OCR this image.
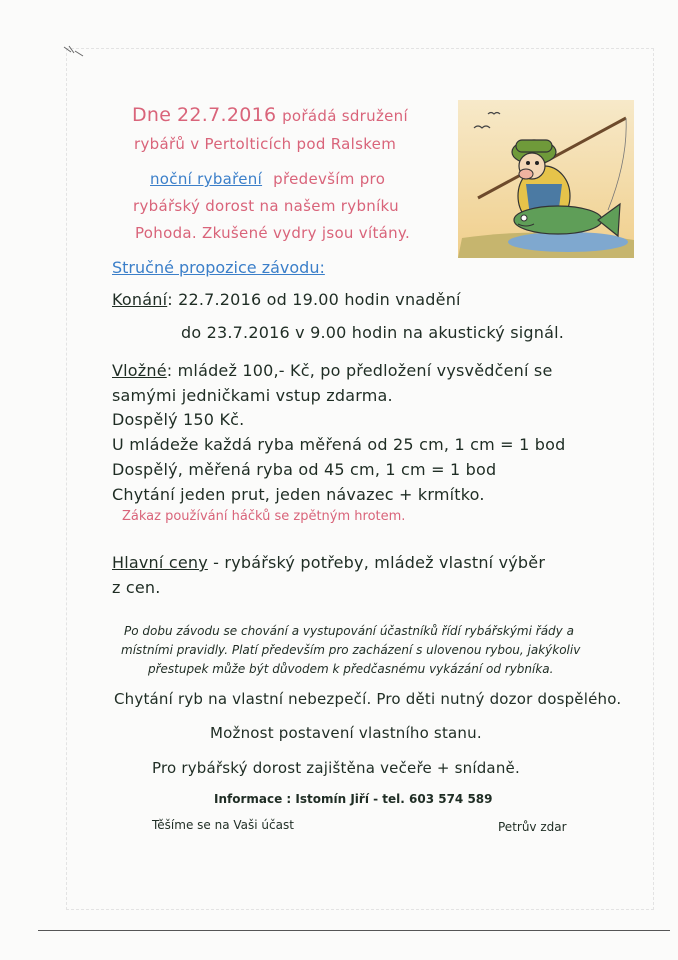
Dne 22.7.2016 pořádá sdružení
rybářů v Pertolticích pod Ralskem
noční rybaření především pro
rybářský dorost na našem rybníku
Pohoda. Zkušené vydry jsou vítány.
Stručné propozice závodu:
Konání: 22.7.2016 od 19.00 hodin vnadění
do 23.7.2016 v 9.00 hodin na akustický signál.
Vložné: mládež 100,- Kč, po předložení vysvědčení se
samými jedničkami vstup zdarma.
Dospělý 150 Kč.
U mládeže každá ryba měřená od 25 cm, 1 cm = 1 bod
Dospělý, měřená ryba od 45 cm, 1 cm = 1 bod
Chytání jeden prut, jeden návazec + krmítko.
Zákaz používání háčků se zpětným hrotem.
Hlavní ceny - rybářský potřeby, mládež vlastní výběr
z cen.
Po dobu závodu se chování a vystupování účastníků řídí rybářskými řády a
místními pravidly. Platí především pro zacházení s ulovenou rybou, jakýkoliv
přestupek může být důvodem k předčasnému vykázání od rybníka.
Chytání ryb na vlastní nebezpečí. Pro děti nutný dozor dospělého.
Možnost postavení vlastního stanu.
Pro rybářský dorost zajištěna večeře + snídaně.
Informace : Istomín Jiří - tel. 603 574 589
Těšíme se na Vaši účast	Petrův zdar
